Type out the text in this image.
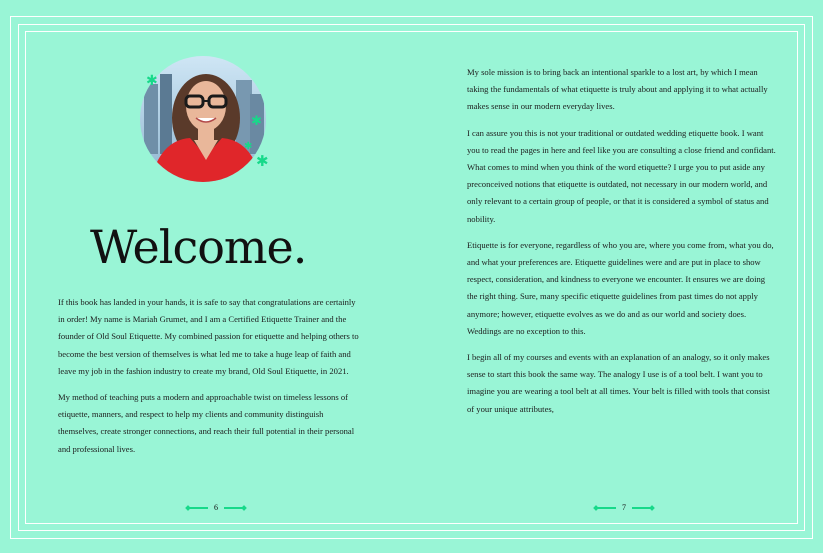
✱
✱
✱
✱
Welcome.

If this book has landed in your hands, it is safe to say that congratulations are certainly in order! My name is Mariah Grumet, and I am a Certified Etiquette Trainer and the founder of Old Soul Etiquette. My combined passion for etiquette and helping others to become the best version of themselves is what led me to take a huge leap of faith and leave my job in the fashion industry to create my brand, Old Soul Etiquette, in 2021.

My method of teaching puts a modern and approachable twist on timeless lessons of etiquette, manners, and respect to help my clients and community distinguish themselves, create stronger connections, and reach their full potential in their personal and professional lives.

6

My sole mission is to bring back an intentional sparkle to a lost art, by which I mean taking the fundamentals of what etiquette is truly about and applying it to what actually makes sense in our modern everyday lives.

I can assure you this is not your traditional or outdated wedding etiquette book. I want you to read the pages in here and feel like you are consulting a close friend and confidant. What comes to mind when you think of the word etiquette? I urge you to put aside any preconceived notions that etiquette is outdated, not necessary in our modern world, and only relevant to a certain group of people, or that it is considered a symbol of status and nobility.

Etiquette is for everyone, regardless of who you are, where you come from, what you do, and what your preferences are. Etiquette guidelines were and are put in place to show respect, consideration, and kindness to everyone we encounter. It ensures we are doing the right thing. Sure, many specific etiquette guidelines from past times do not apply anymore; however, etiquette evolves as we do and as our world and society does. Weddings are no exception to this.

I begin all of my courses and events with an explanation of an analogy, so it only makes sense to start this book the same way. The analogy I use is of a tool belt. I want you to imagine you are wearing a tool belt at all times. Your belt is filled with tools that consist of your unique attributes,

7
